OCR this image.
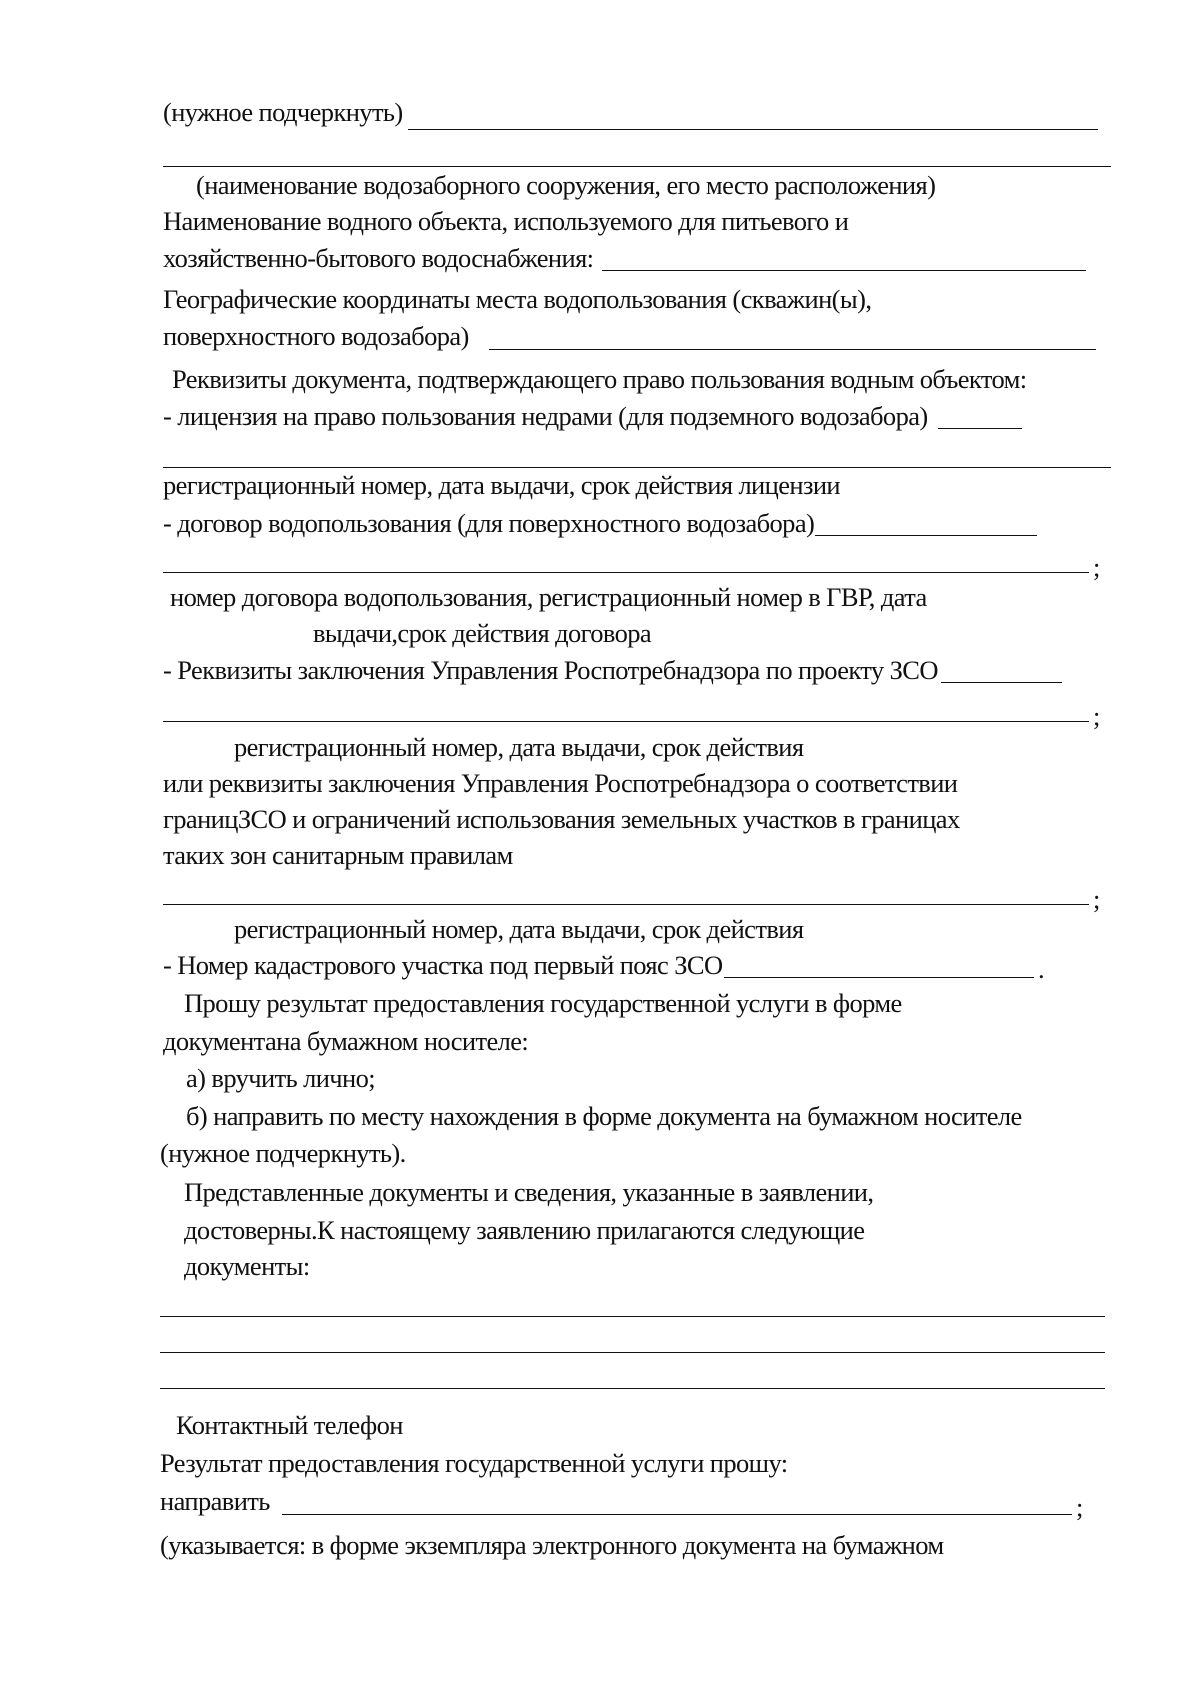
(нужное подчеркнуть)
(наименование водозаборного сооружения, его место расположения)
Наименование водного объекта, используемого для питьевого и
хозяйственно-бытового водоснабжения:
Географические координаты места водопользования (скважин(ы),
поверхностного водозабора)
Реквизиты документа, подтверждающего право пользования водным объектом:
- лицензия на право пользования недрами (для подземного водозабора)
регистрационный номер, дата выдачи, срок действия лицензии
- договор водопользования (для поверхностного водозабора)
;
номер договора водопользования, регистрационный номер в ГВР, дата
выдачи,срок действия договора
- Реквизиты заключения Управления Роспотребнадзора по проекту ЗСО
;
регистрационный номер, дата выдачи, срок действия
или реквизиты заключения Управления Роспотребнадзора о соответствии
границЗСО и ограничений использования земельных участков в границах
таких зон санитарным правилам
;
регистрационный номер, дата выдачи, срок действия
- Номер кадастрового участка под первый пояс ЗСО	.
Прошу результат предоставления государственной услуги в форме
документана бумажном носителе:
а) вручить лично;
б) направить по месту нахождения в форме документа на бумажном носителе
(нужное подчеркнуть).
Представленные документы и сведения, указанные в заявлении,
достоверны.К настоящему заявлению прилагаются следующие
документы:
Контактный телефон
Результат предоставления государственной услуги прошу:
направить	;
(указывается: в форме экземпляра электронного документа на бумажном
